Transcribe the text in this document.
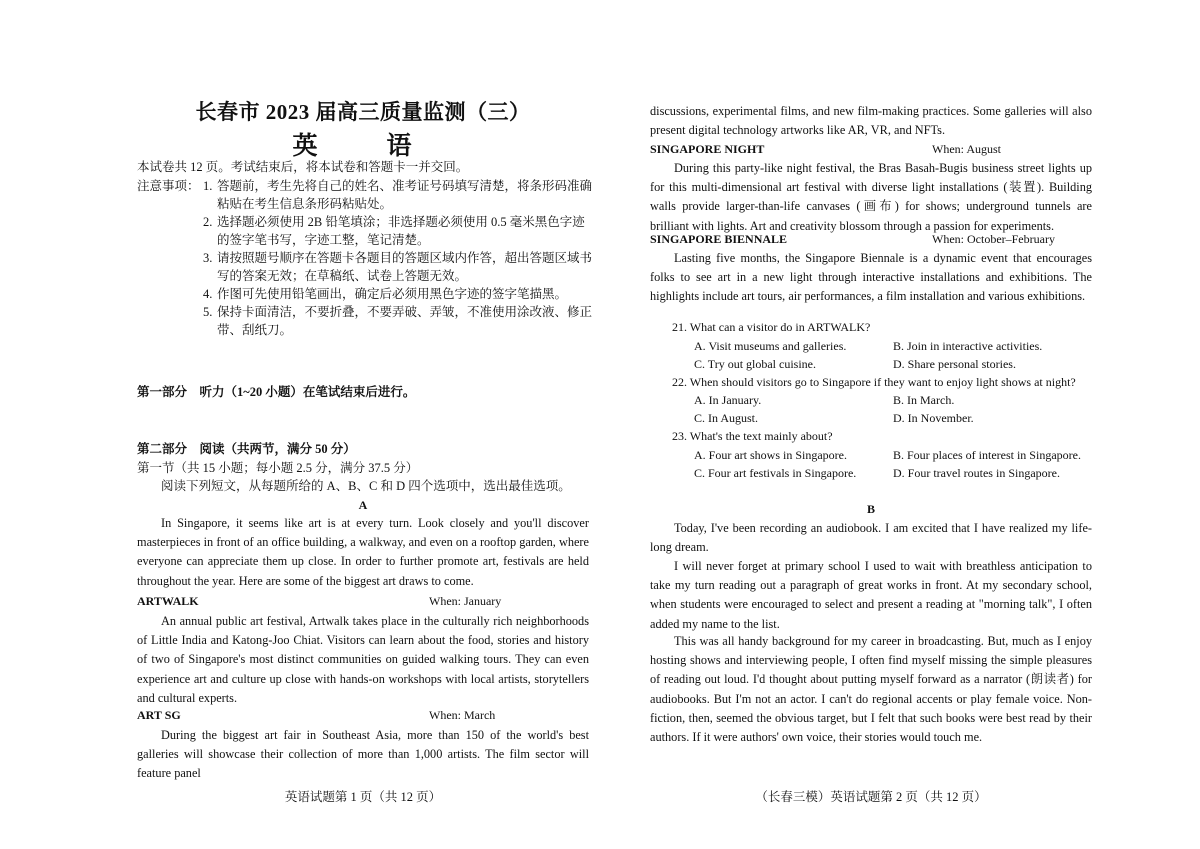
长春市 2023 届高三质量监测（三）
英　语
本试卷共 12 页。考试结束后，将本试卷和答题卡一并交回。
注意事项： 1. 答题前，考生先将自己的姓名、准考证号码填写清楚，将条形码准确粘贴在考生信息条形码粘贴处。
2. 选择题必须使用 2B 铅笔填涂；非选择题必须使用 0.5 毫米黑色字迹的签字笔书写，字迹工整，笔记清楚。
3. 请按照题号顺序在答题卡各题目的答题区域内作答，超出答题区域书写的答案无效；在草稿纸、试卷上答题无效。
4. 作图可先使用铅笔画出，确定后必须用黑色字迹的签字笔描黑。
5. 保持卡面清洁，不要折叠，不要弄破、弄皱，不准使用涂改液、修正带、刮纸刀。
第一部分　听力（1~20 小题）在笔试结束后进行。
第二部分　阅读（共两节，满分 50 分）
第一节（共 15 小题；每小题 2.5 分，满分 37.5 分）
阅读下列短文，从每题所给的 A、B、C 和 D 四个选项中，选出最佳选项。
A
In Singapore, it seems like art is at every turn. Look closely and you'll discover masterpieces in front of an office building, a walkway, and even on a rooftop garden, where everyone can appreciate them up close. In order to further promote art, festivals are held throughout the year. Here are some of the biggest art draws to come.
ARTWALK	When: January
An annual public art festival, Artwalk takes place in the culturally rich neighborhoods of Little India and Katong-Joo Chiat. Visitors can learn about the food, stories and history of two of Singapore's most distinct communities on guided walking tours. They can even experience art and culture up close with hands-on workshops with local artists, storytellers and cultural experts.
ART SG	When: March
During the biggest art fair in Southeast Asia, more than 150 of the world's best galleries will showcase their collection of more than 1,000 artists. The film sector will feature panel
英语试题第 1 页（共 12 页）
discussions, experimental films, and new film-making practices. Some galleries will also present digital technology artworks like AR, VR, and NFTs.
SINGAPORE NIGHT	When: August
During this party-like night festival, the Bras Basah-Bugis business street lights up for this multi-dimensional art festival with diverse light installations (装置). Building walls provide larger-than-life canvases (画布) for shows; underground tunnels are brilliant with lights. Art and creativity blossom through a passion for experiments.
SINGAPORE BIENNALE	When: October–February
Lasting five months, the Singapore Biennale is a dynamic event that encourages folks to see art in a new light through interactive installations and exhibitions. The highlights include art tours, air performances, a film installation and various exhibitions.
21. What can a visitor do in ARTWALK?
A. Visit museums and galleries.	B. Join in interactive activities.
C. Try out global cuisine.	D. Share personal stories.
22. When should visitors go to Singapore if they want to enjoy light shows at night?
A. In January.	B. In March.
C. In August.	D. In November.
23. What's the text mainly about?
A. Four art shows in Singapore.	B. Four places of interest in Singapore.
C. Four art festivals in Singapore.	D. Four travel routes in Singapore.
B
Today, I've been recording an audiobook. I am excited that I have realized my life-long dream.
I will never forget at primary school I used to wait with breathless anticipation to take my turn reading out a paragraph of great works in front. At my secondary school, when students were encouraged to select and present a reading at "morning talk", I often added my name to the list.
This was all handy background for my career in broadcasting. But, much as I enjoy hosting shows and interviewing people, I often find myself missing the simple pleasures of reading out loud. I'd thought about putting myself forward as a narrator (朗读者) for audiobooks. But I'm not an actor. I can't do regional accents or play female voice. Non-fiction, then, seemed the obvious target, but I felt that such books were best read by their authors. If it were authors' own voice, their stories would touch me.
（长春三模）英语试题第 2 页（共 12 页）
